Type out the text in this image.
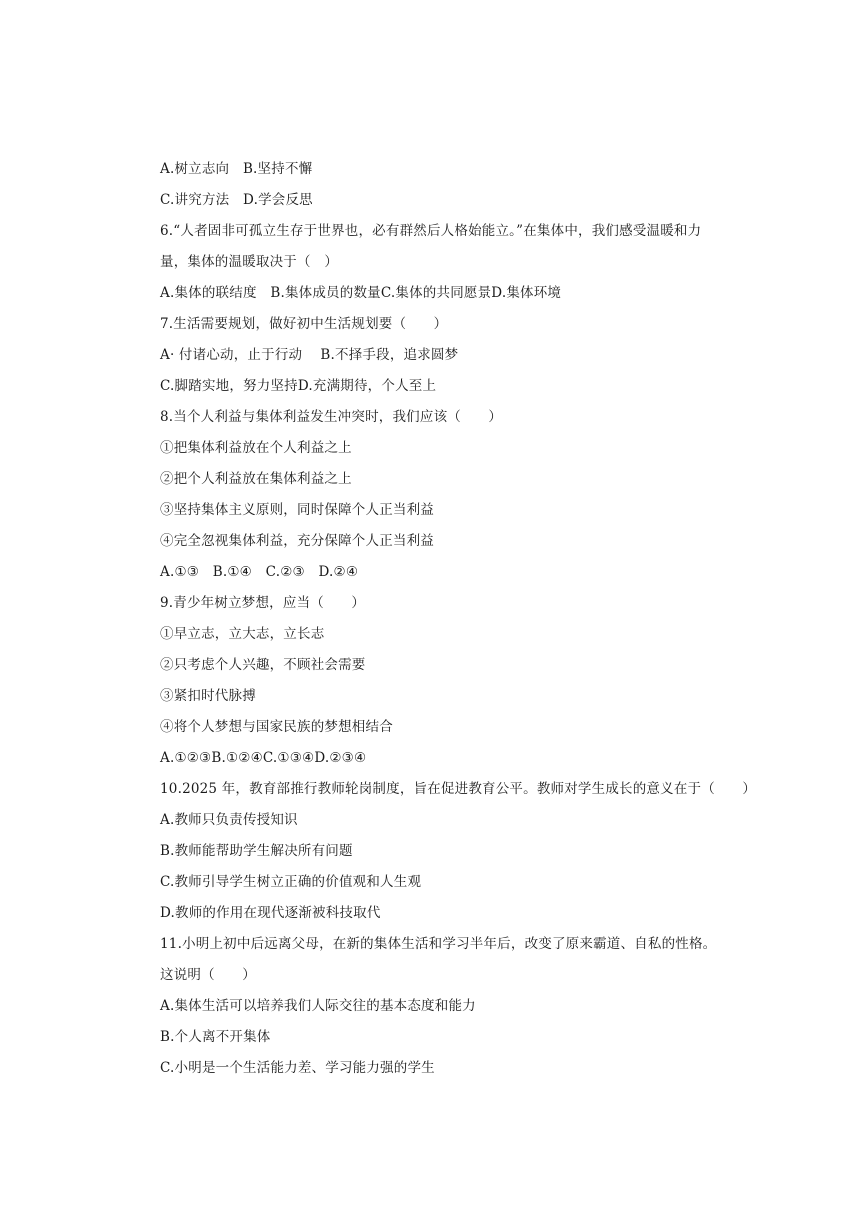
A.树立志向　B.坚持不懈
C.讲究方法　D.学会反思
6.“人者固非可孤立生存于世界也，必有群然后人格始能立。”在集体中，我们感受温暖和力
量，集体的温暖取决于（　）
A.集体的联结度　B.集体成员的数量C.集体的共同愿景D.集体环境
7.生活需要规划，做好初中生活规划要（　　）
A· 付诸心动，止于行动　 B.不择手段，追求圆梦
C.脚踏实地，努力坚持D.充满期待，个人至上
8.当个人利益与集体利益发生冲突时，我们应该（　　）
①把集体利益放在个人利益之上
②把个人利益放在集体利益之上
③坚持集体主义原则，同时保障个人正当利益
④完全忽视集体利益，充分保障个人正当利益
A.①③　B.①④　C.②③　D.②④
9.青少年树立梦想，应当（　　）
①早立志，立大志，立长志
②只考虑个人兴趣，不顾社会需要
③紧扣时代脉搏
④将个人梦想与国家民族的梦想相结合
A.①②③B.①②④C.①③④D.②③④
10.2025 年，教育部推行教师轮岗制度，旨在促进教育公平。教师对学生成长的意义在于（　　）
A.教师只负责传授知识
B.教师能帮助学生解决所有问题
C.教师引导学生树立正确的价值观和人生观
D.教师的作用在现代逐渐被科技取代
11.小明上初中后远离父母，在新的集体生活和学习半年后，改变了原来霸道、自私的性格。
这说明（　　）
A.集体生活可以培养我们人际交往的基本态度和能力
B.个人离不开集体
C.小明是一个生活能力差、学习能力强的学生
